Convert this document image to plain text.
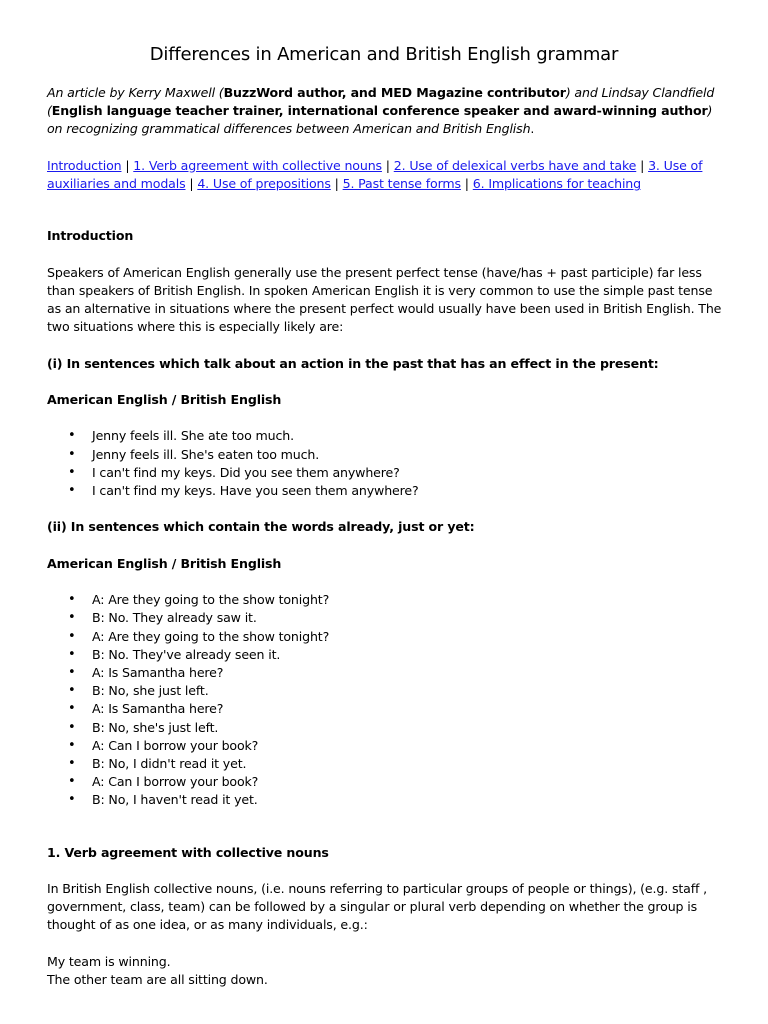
Differences in American and British English grammar

An article by Kerry Maxwell (BuzzWord author, and MED Magazine contributor) and Lindsay Clandfield (English language teacher trainer, international conference speaker and award-winning author) on recognizing grammatical differences between American and British English.

Introduction | 1. Verb agreement with collective nouns | 2. Use of delexical verbs have and take | 3. Use of auxiliaries and modals | 4. Use of prepositions | 5. Past tense forms | 6. Implications for teaching

Introduction

Speakers of American English generally use the present perfect tense (have/has + past participle) far less than speakers of British English. In spoken American English it is very common to use the simple past tense as an alternative in situations where the present perfect would usually have been used in British English. The two situations where this is especially likely are:

(i) In sentences which talk about an action in the past that has an effect in the present:

American English / British English

• Jenny feels ill. She ate too much.
• Jenny feels ill. She's eaten too much.
• I can't find my keys. Did you see them anywhere?
• I can't find my keys. Have you seen them anywhere?

(ii) In sentences which contain the words already, just or yet:

American English / British English

• A: Are they going to the show tonight?
• B: No. They already saw it.
• A: Are they going to the show tonight?
• B: No. They've already seen it.
• A: Is Samantha here?
• B: No, she just left.
• A: Is Samantha here?
• B: No, she's just left.
• A: Can I borrow your book?
• B: No, I didn't read it yet.
• A: Can I borrow your book?
• B: No, I haven't read it yet.

1. Verb agreement with collective nouns

In British English collective nouns, (i.e. nouns referring to particular groups of people or things), (e.g. staff , government, class, team) can be followed by a singular or plural verb depending on whether the group is thought of as one idea, or as many individuals, e.g.:

My team is winning.

The other team are all sitting down.
